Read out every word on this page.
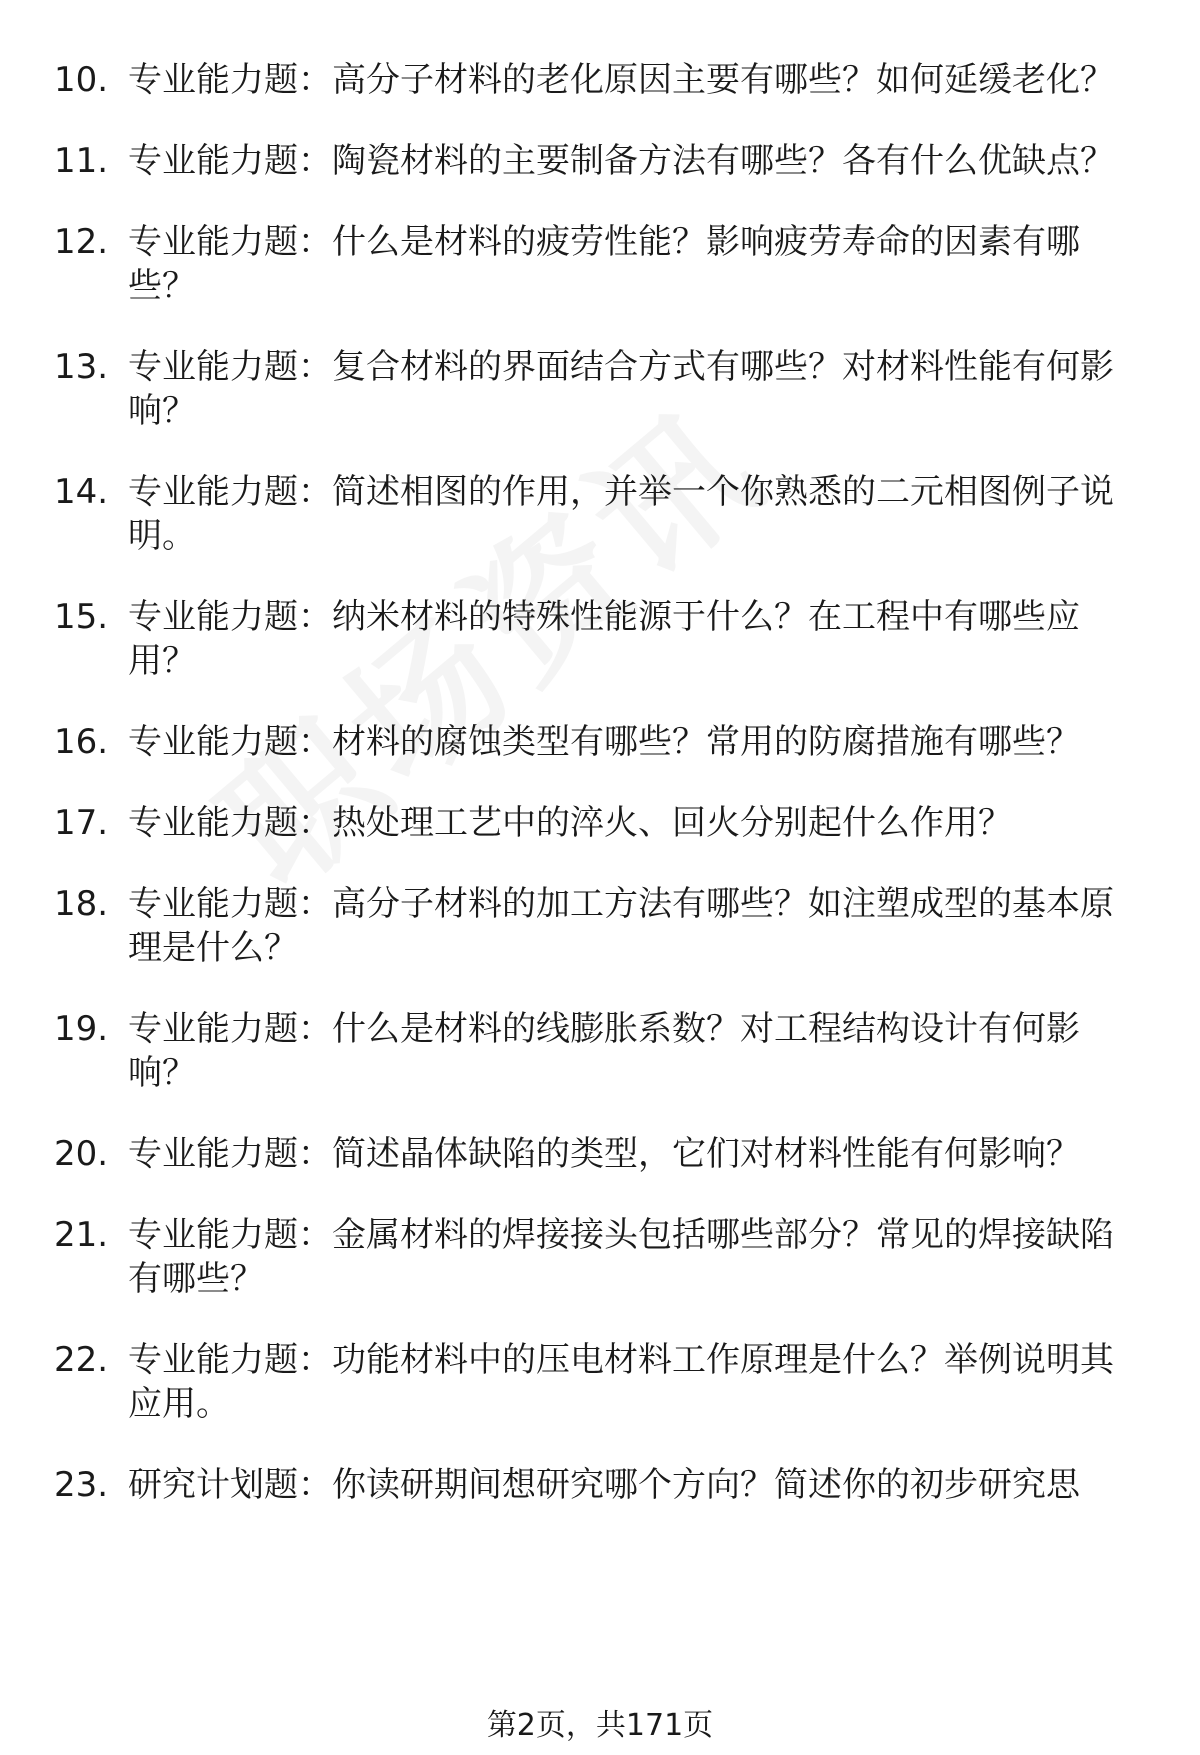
10. 专业能力题：高分子材料的老化原因主要有哪些？如何延缓老化？
11. 专业能力题：陶瓷材料的主要制备方法有哪些？各有什么优缺点？
12. 专业能力题：什么是材料的疲劳性能？影响疲劳寿命的因素有哪些？
13. 专业能力题：复合材料的界面结合方式有哪些？对材料性能有何影响？
14. 专业能力题：简述相图的作用，并举一个你熟悉的二元相图例子说明。
15. 专业能力题：纳米材料的特殊性能源于什么？在工程中有哪些应用？
16. 专业能力题：材料的腐蚀类型有哪些？常用的防腐措施有哪些？
17. 专业能力题：热处理工艺中的淬火、回火分别起什么作用？
18. 专业能力题：高分子材料的加工方法有哪些？如注塑成型的基本原理是什么？
19. 专业能力题：什么是材料的线膨胀系数？对工程结构设计有何影响？
20. 专业能力题：简述晶体缺陷的类型，它们对材料性能有何影响？
21. 专业能力题：金属材料的焊接接头包括哪些部分？常见的焊接缺陷有哪些？
22. 专业能力题：功能材料中的压电材料工作原理是什么？举例说明其应用。
23. 研究计划题：你读研期间想研究哪个方向？简述你的初步研究思
第2页，共171页
